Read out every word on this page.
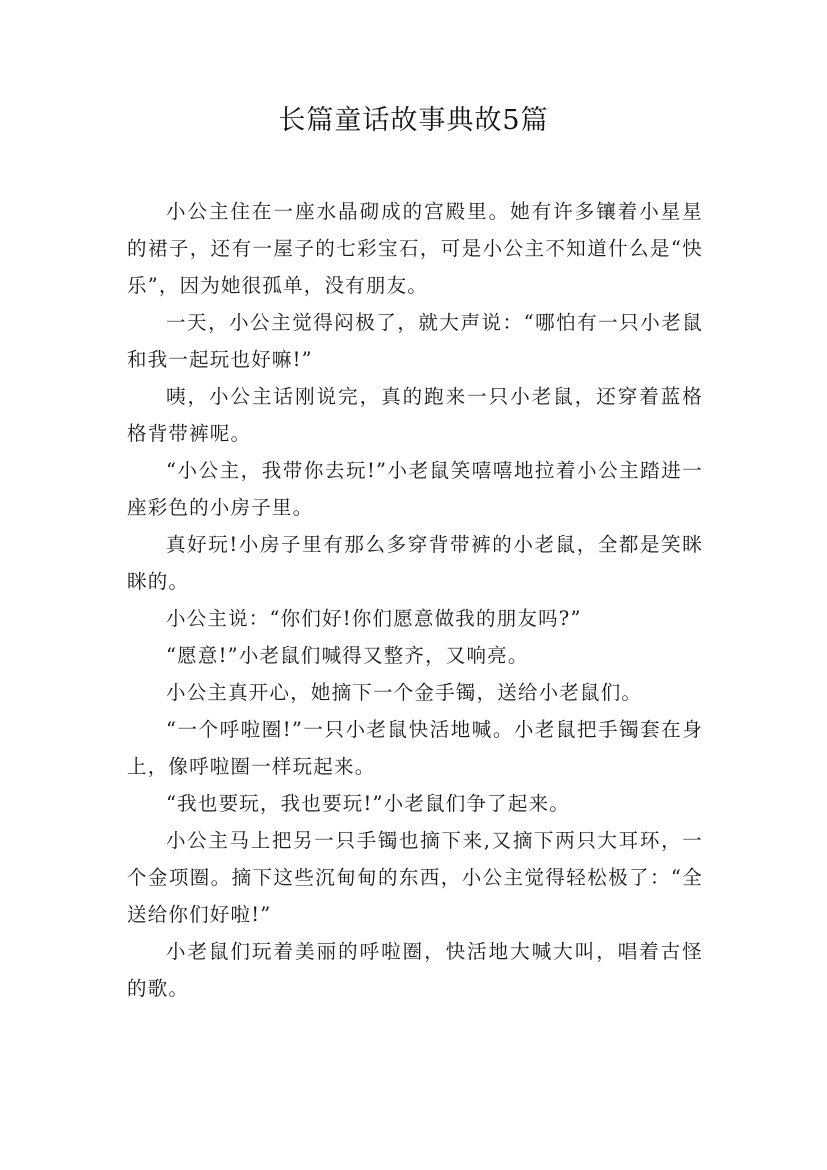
长篇童话故事典故5篇

小公主住在一座水晶砌成的宫殿里。她有许多镶着小星星的裙子，还有一屋子的七彩宝石，可是小公主不知道什么是“快乐”，因为她很孤单，没有朋友。

一天，小公主觉得闷极了，就大声说：“哪怕有一只小老鼠和我一起玩也好嘛!”

咦，小公主话刚说完，真的跑来一只小老鼠，还穿着蓝格格背带裤呢。

“小公主，我带你去玩!”小老鼠笑嘻嘻地拉着小公主踏进一座彩色的小房子里。

真好玩!小房子里有那么多穿背带裤的小老鼠，全都是笑眯眯的。

小公主说：“你们好!你们愿意做我的朋友吗?”

“愿意!”小老鼠们喊得又整齐，又响亮。

小公主真开心，她摘下一个金手镯，送给小老鼠们。

“一个呼啦圈!”一只小老鼠快活地喊。小老鼠把手镯套在身上，像呼啦圈一样玩起来。

“我也要玩，我也要玩!”小老鼠们争了起来。

小公主马上把另一只手镯也摘下来,又摘下两只大耳环，一个金项圈。摘下这些沉甸甸的东西，小公主觉得轻松极了：“全送给你们好啦!”

小老鼠们玩着美丽的呼啦圈，快活地大喊大叫，唱着古怪的歌。
